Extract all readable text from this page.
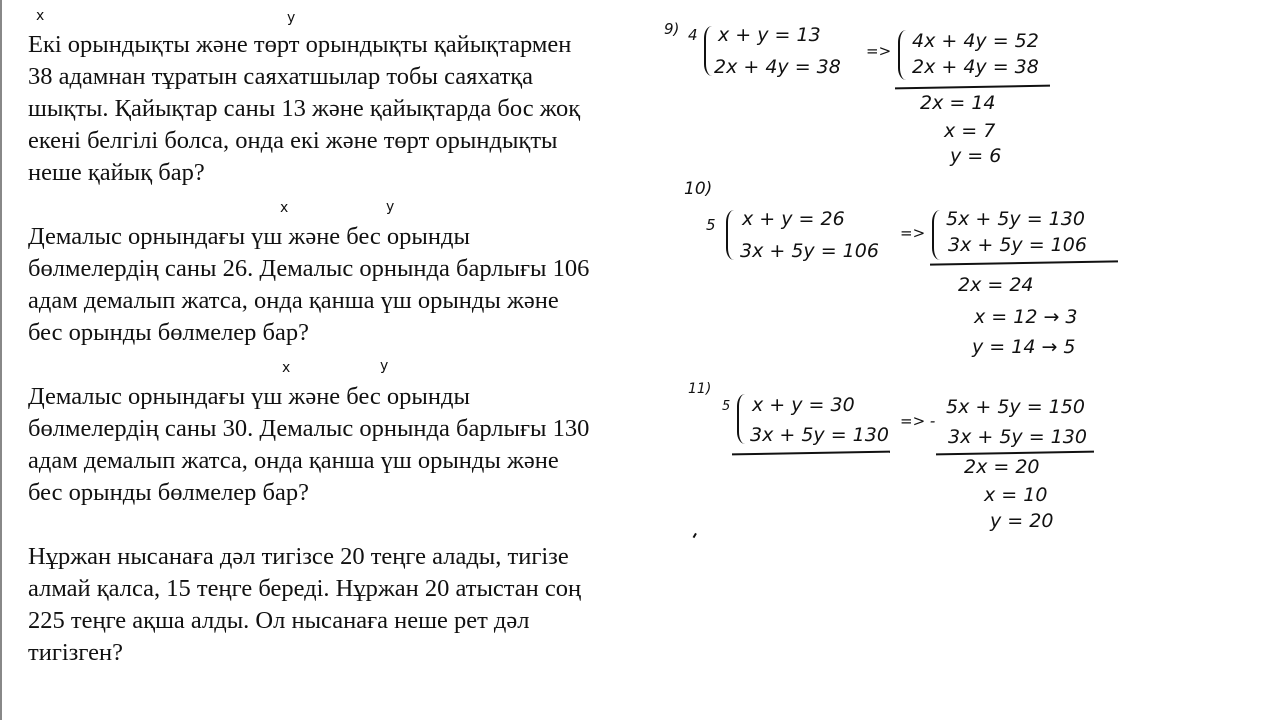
Екі орындықты және төрт орындықты қайықтармен
38 адамнан тұратын саяхатшылар тобы саяхатқа
шықты. Қайықтар саны 13 және қайықтарда бос жоқ
екені белгілі болса, онда екі және төрт орындықты
неше қайық бар?
Демалыс орнындағы үш және бес орынды
бөлмелердің саны 26. Демалыс орнында барлығы 106
адам демалып жатса, онда қанша үш орынды және
бес орынды бөлмелер бар?
Демалыс орнындағы үш және бес орынды
бөлмелердің саны 30. Демалыс орнында барлығы 130
адам демалып жатса, онда қанша үш орынды және
бес орынды бөлмелер бар?
Нұржан нысанаға дәл тигізсе 20 теңге алады, тигізе
алмай қалса, 15 теңге береді. Нұржан 20 атыстан соң
225 теңге ақша алды. Ол нысанаға неше рет дәл
тигізген?
x	y
x	y
x	y
9) 4 x + y = 13
2x + 4y = 38
=> 4x + 4y = 52
2x + 4y = 38
2x = 14
x = 7
y = 6
10)
5 x + y = 26
3x + 5y = 106
=>
5x + 5y = 130
3x + 5y = 106
2x = 24
x = 12 → 3
y = 14 → 5
11)
5 x + y = 30
3x + 5y = 130
=> -
5x + 5y = 150
3x + 5y = 130
2x = 20
x = 10
y = 20
